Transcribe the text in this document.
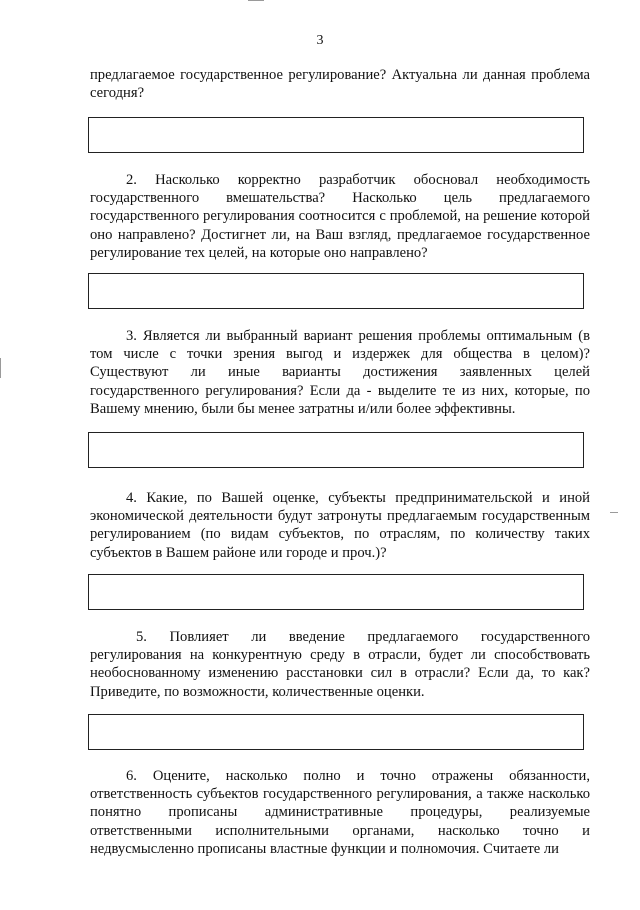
3

предлагаемое государственное регулирование? Актуальна ли данная проблема сегодня?

2. Насколько корректно разработчик обосновал необходимость государственного вмешательства? Насколько цель предлагаемого государственного регулирования соотносится с проблемой, на решение которой оно направлено? Достигнет ли, на Ваш взгляд, предлагаемое государственное регулирование тех целей, на которые оно направлено?

3. Является ли выбранный вариант решения проблемы оптимальным (в том числе с точки зрения выгод и издержек для общества в целом)? Существуют ли иные варианты достижения заявленных целей государственного регулирования? Если да - выделите те из них, которые, по Вашему мнению, были бы менее затратны и/или более эффективны.

4. Какие, по Вашей оценке, субъекты предпринимательской и иной экономической деятельности будут затронуты предлагаемым государственным регулированием (по видам субъектов, по отраслям, по количеству таких субъектов в Вашем районе или городе и проч.)?

5. Повлияет ли введение предлагаемого государственного регулирования на конкурентную среду в отрасли, будет ли способствовать необоснованному изменению расстановки сил в отрасли? Если да, то как? Приведите, по возможности, количественные оценки.

6. Оцените, насколько полно и точно отражены обязанности, ответственность субъектов государственного регулирования, а также насколько понятно прописаны административные процедуры, реализуемые ответственными исполнительными органами, насколько точно и недвусмысленно прописаны властные функции и полномочия. Считаете ли
